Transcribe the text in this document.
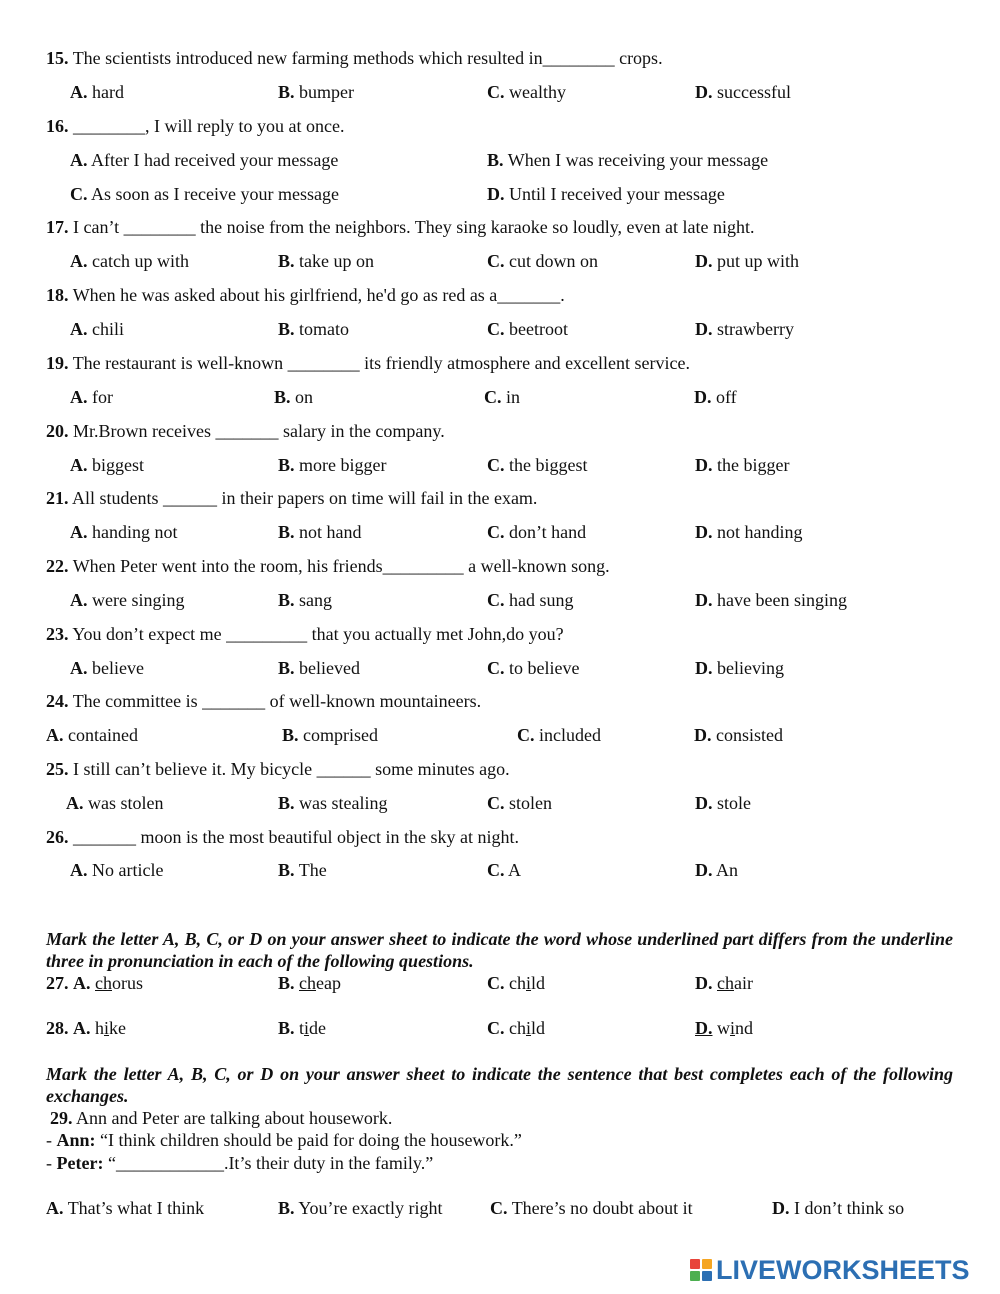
15. The scientists introduced new farming methods which resulted in________ crops.
A. hard	B. bumper	C. wealthy	D. successful
16. ________, I will reply to you at once.
A. After I had received your message	B. When I was receiving your message
C. As soon as I receive your message	D. Until I received your message
17. I can’t ________ the noise from the neighbors. They sing karaoke so loudly, even at late night.
A. catch up with	B. take up on	C. cut down on	D. put up with
18. When he was asked about his girlfriend, he'd go as red as a_______.
A. chili	B. tomato	C. beetroot	D. strawberry
19. The restaurant is well-known ________ its friendly atmosphere and excellent service.
A. for	B. on	C. in	D. off
20. Mr.Brown receives _______ salary in the company.
A. biggest	B. more bigger	C. the biggest	D. the bigger
21. All students ______ in their papers on time will fail in the exam.
A. handing not	B. not hand	C. don’t hand	D. not handing
22. When Peter went into the room, his friends_________ a well-known song.
A. were singing	B. sang	C. had sung	D. have been singing
23. You don’t expect me _________ that you actually met John,do you?
A. believe	B. believed	C. to believe	D. believing
24. The committee is _______ of well-known mountaineers.
A. contained	B. comprised	C. included	D. consisted
25. I still can’t believe it. My bicycle ______ some minutes ago.
A. was stolen	B. was stealing	C. stolen	D. stole
26. _______ moon is the most beautiful object in the sky at night.
A. No article	B. The	C. A	D. An
Mark the letter A, B, C, or D on your answer sheet to indicate the word whose underlined part differs from the underline three in pronunciation in each of the following questions.
27. A. chorus	B. cheap	C. child	D. chair
28. A. hike	B. tide	C. child	D. wind
Mark the letter A, B, C, or D on your answer sheet to indicate the sentence that best completes each of the following exchanges.
29. Ann and Peter are talking about housework.
- Ann: “I think children should be paid for doing the housework.”
- Peter: “____________.It’s their duty in the family.”
A. That’s what I think	B. You’re exactly right	C. There’s no doubt about it	D. I don’t think so
LIVEWORKSHEETS
